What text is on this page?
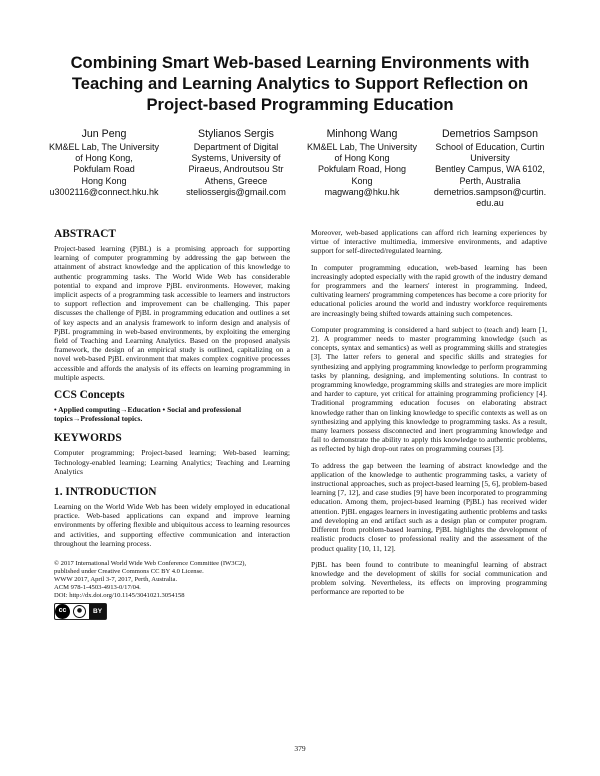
Combining Smart Web-based Learning Environments with Teaching and Learning Analytics to Support Reflection on Project-based Programming Education
Jun Peng
KM&EL Lab, The University
of Hong Kong,
Pokfulam Road
Hong Kong
u3002116@connect.hku.hk
Stylianos Sergis
Department of Digital
Systems, University of
Piraeus, Androutsou Str
Athens, Greece
steliossergis@gmail.com
Minhong Wang
KM&EL Lab, The University
of Hong Kong
Pokfulam Road, Hong
Kong
magwang@hku.hk
Demetrios Sampson
School of Education, Curtin
University
Bentley Campus, WA 6102,
Perth, Australia
demetrios.sampson@curtin.
edu.au
ABSTRACT

Project-based learning (PjBL) is a promising approach for supporting learning of computer programming by addressing the gap between the attainment of abstract knowledge and the application of this knowledge to authentic programming tasks. The World Wide Web has considerable potential to expand and improve PjBL environments. However, making implicit aspects of a programming task accessible to learners and instructors to support reflection and improvement can be challenging. This paper discusses the challenge of PjBL in programming education and outlines a set of key aspects and an analysis framework to inform design and analysis of PjBL programming in web-based environments, by exploiting the emerging field of Teaching and Learning Analytics. Based on the proposed analysis framework, the design of an empirical study is outlined, capitalizing on a novel web-based PjBL environment that makes complex cognitive processes accessible and affords the analysis of its effects on learning programming in multiple aspects.

CCS Concepts

• Applied computing→Education • Social and professional topics→Professional topics.

KEYWORDS

Computer programming; Project-based learning; Web-based learning; Technology-enabled learning; Learning Analytics; Teaching and Learning Analytics

1. INTRODUCTION

Learning on the World Wide Web has been widely employed in educational practice. Web-based applications can expand and improve learning environments by offering flexible and ubiquitous access to learning resources and activities, and supporting effective communication and interaction throughout the learning process.

© 2017 International World Wide Web Conference Committee (IW3C2),
published under Creative Commons CC BY 4.0 License.
WWW 2017, April 3-7, 2017, Perth, Australia.
ACM 978-1-4503-4913-0/17/04.
DOI: http://dx.doi.org/10.1145/3041021.3054158
cc	●	BY

Moreover, web-based applications can afford rich learning experiences by virtue of interactive multimedia, immersive environments, and adaptive support for self-directed/regulated learning.

In computer programming education, web-based learning has been increasingly adopted especially with the rapid growth of the industry demand for programmers and the learners' interest in programming. Indeed, cultivating learners' programming competences has become a core priority for educational policies around the world and industry workforce requirements are increasingly being shifted towards attaining such competences.

Computer programming is considered a hard subject to (teach and) learn [1, 2]. A programmer needs to master programming knowledge (such as concepts, syntax and semantics) as well as programming skills and strategies [3]. The latter refers to general and specific skills and strategies for synthesizing and applying programming knowledge to perform programming tasks by planning, designing, and implementing solutions. In contrast to programming knowledge, programming skills and strategies are more implicit and harder to capture, yet critical for attaining programming proficiency [4]. Traditional programming education focuses on elaborating abstract knowledge rather than on linking knowledge to specific contexts as well as on synthesizing and applying this knowledge to programming tasks. As a result, many learners possess disconnected and inert programming knowledge and fail to demonstrate the ability to apply this knowledge to authentic problems, as reflected by high drop-out rates on programming courses [3].

To address the gap between the learning of abstract knowledge and the application of the knowledge to authentic programming tasks, a variety of instructional approaches, such as project-based learning [5, 6], problem-based learning [7, 12], and case studies [9] have been incorporated to programming education. Among them, project-based learning (PjBL) has received wider attention. PjBL engages learners in investigating authentic problems and tasks and developing an end artifact such as a design plan or computer program. Different from problem-based learning, PjBL highlights the development of realistic products closer to professional reality and the assessment of the product quality [10, 11, 12].

PjBL has been found to contribute to meaningful learning of abstract knowledge and the development of skills for social communication and problem solving. Nevertheless, its effects on improving programming performance are reported to be

379
